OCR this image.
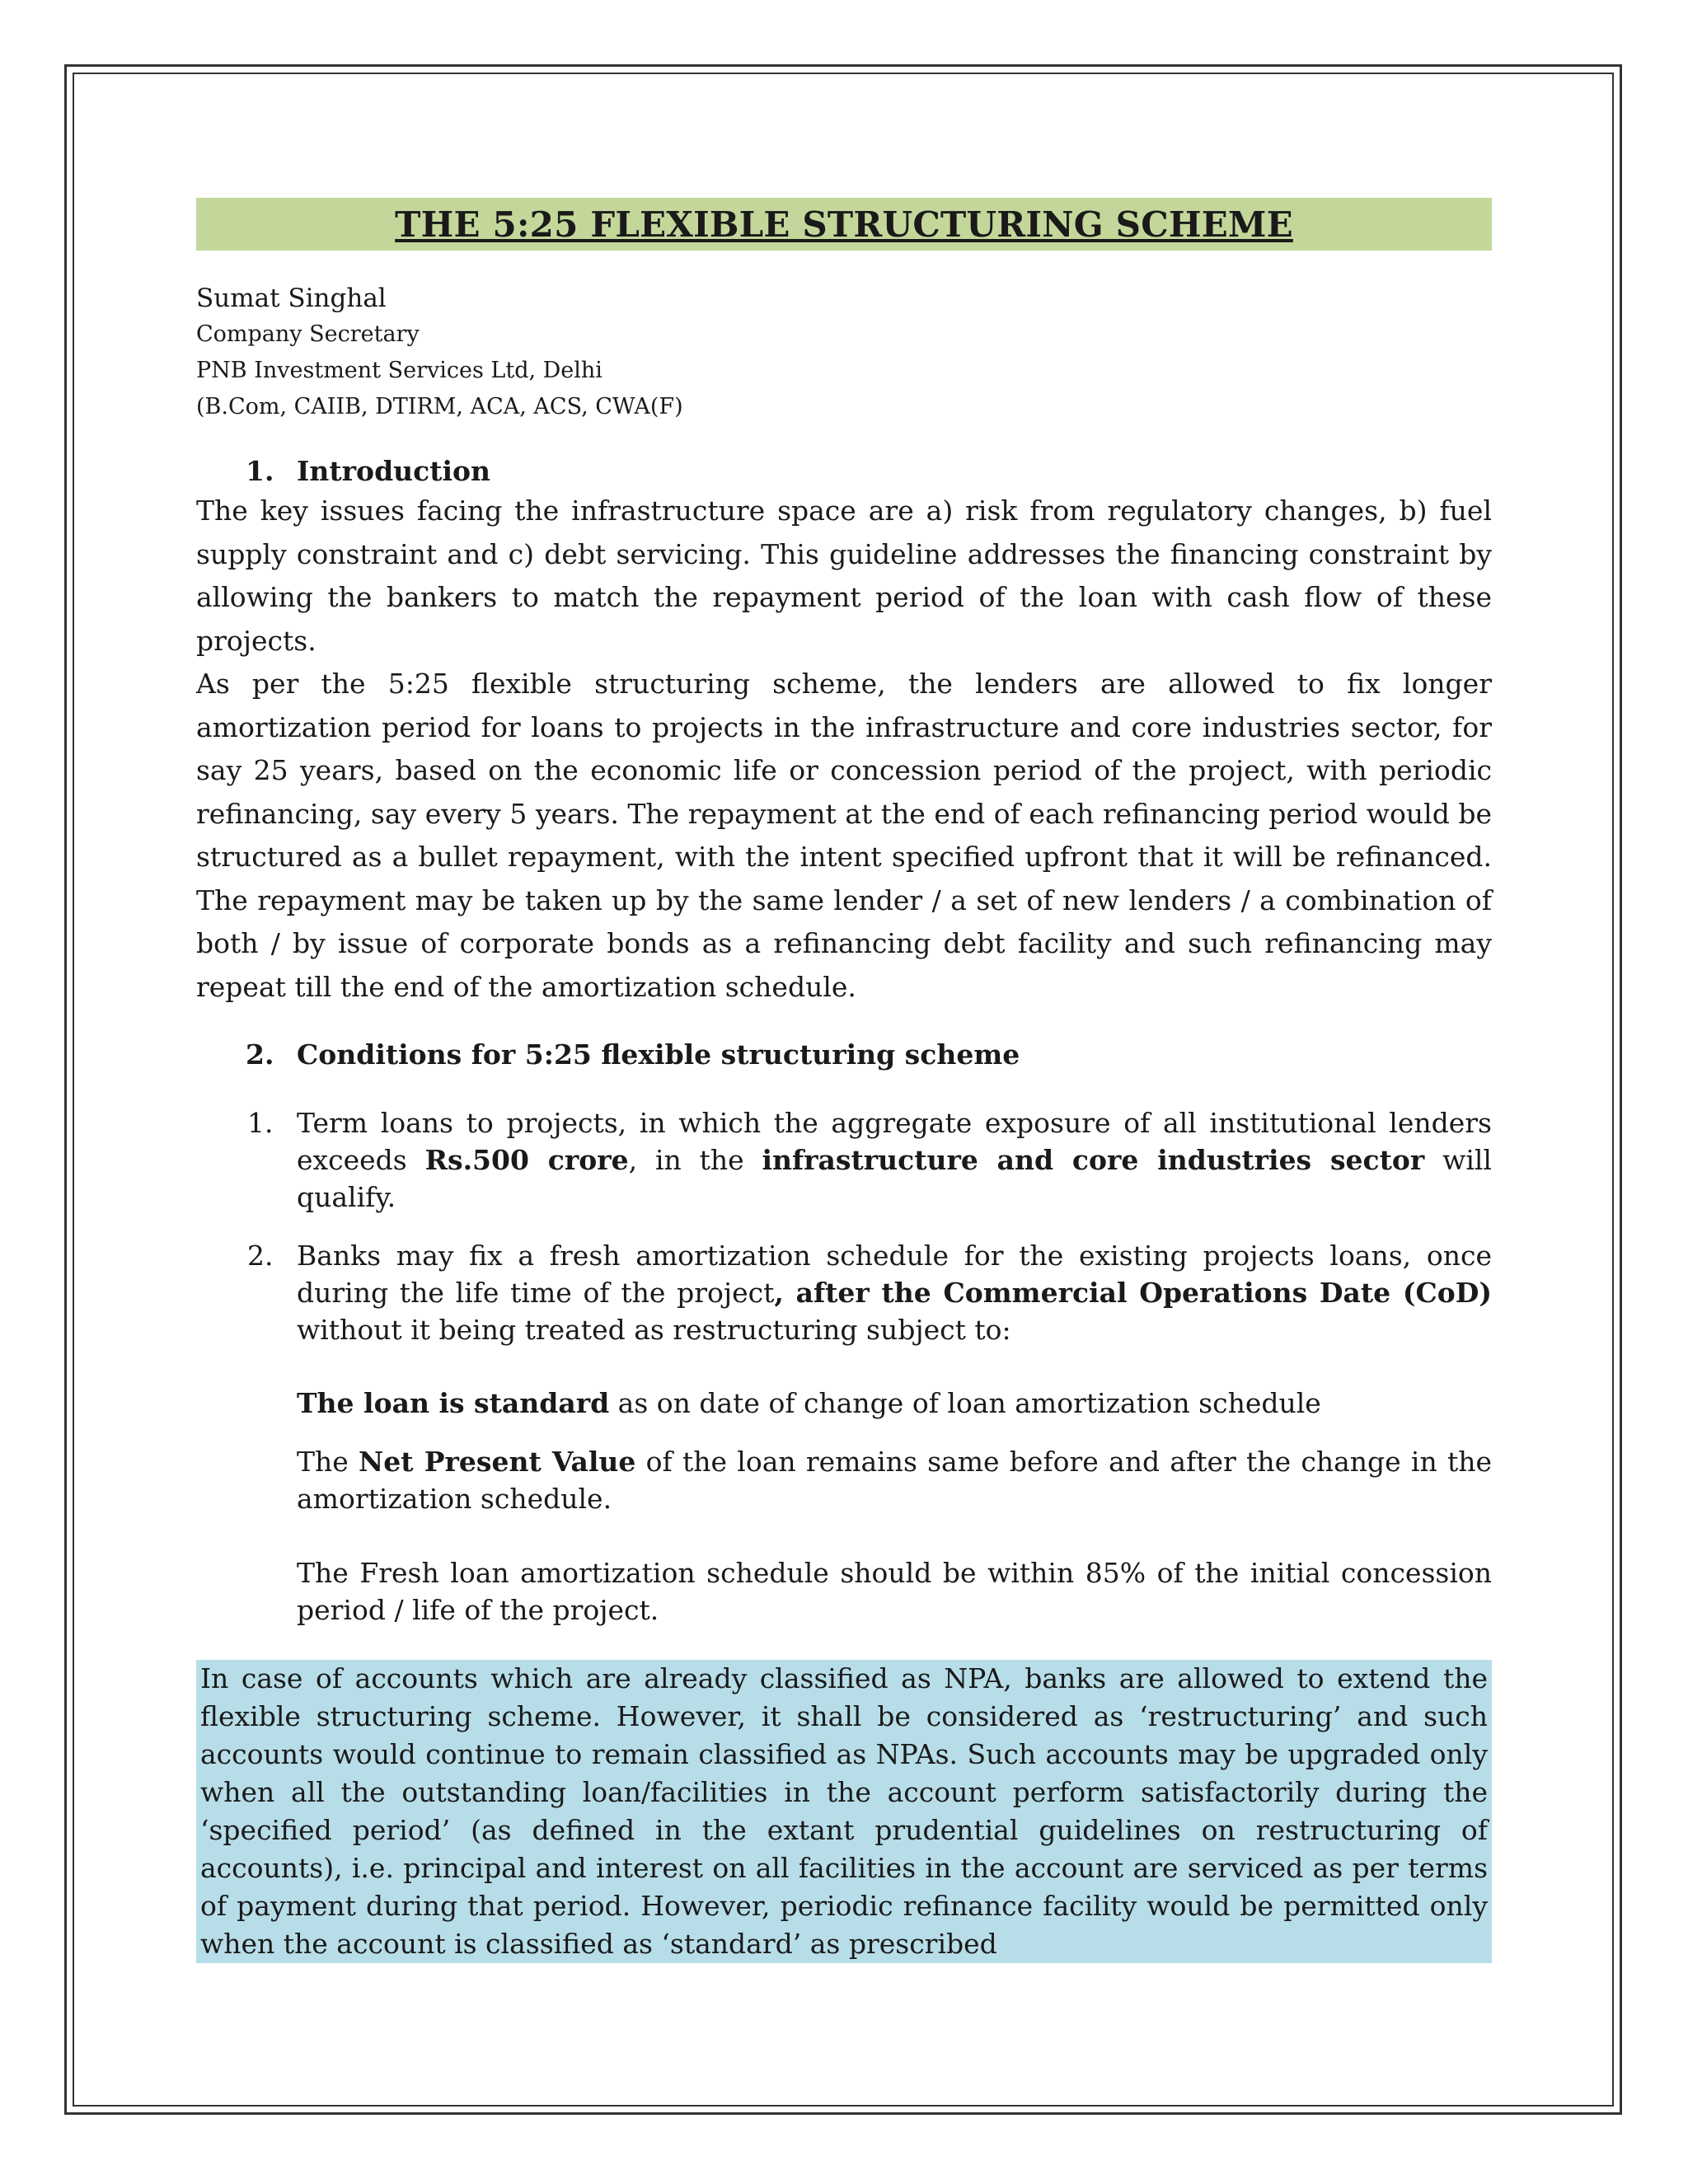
THE 5:25 FLEXIBLE STRUCTURING SCHEME
Sumat Singhal
Company Secretary
PNB Investment Services Ltd, Delhi
(B.Com, CAIIB, DTIRM, ACA, ACS, CWA(F)
1. Introduction

The key issues facing the infrastructure space are a) risk from regulatory changes, b) fuel supply constraint and c) debt servicing. This guideline addresses the financing constraint by allowing the bankers to match the repayment period of the loan with cash flow of these projects.

As per the 5:25 flexible structuring scheme, the lenders are allowed to fix longer amortization period for loans to projects in the infrastructure and core industries sector, for say 25 years, based on the economic life or concession period of the project, with periodic refinancing, say every 5 years. The repayment at the end of each refinancing period would be structured as a bullet repayment, with the intent specified upfront that it will be refinanced. The repayment may be taken up by the same lender / a set of new lenders / a combination of both / by issue of corporate bonds as a refinancing debt facility and such refinancing may repeat till the end of the amortization schedule.

2. Conditions for 5:25 flexible structuring scheme
1. Term loans to projects, in which the aggregate exposure of all institutional lenders exceeds Rs.500 crore, in the infrastructure and core industries sector will qualify.
2. Banks may fix a fresh amortization schedule for the existing projects loans, once during the life time of the project, after the Commercial Operations Date (CoD) without it being treated as restructuring subject to:
The loan is standard as on date of change of loan amortization schedule
The Net Present Value of the loan remains same before and after the change in the amortization schedule.
The Fresh loan amortization schedule should be within 85% of the initial concession period / life of the project.
In case of accounts which are already classified as NPA, banks are allowed to extend the flexible structuring scheme. However, it shall be considered as ‘restructuring’ and such accounts would continue to remain classified as NPAs. Such accounts may be upgraded only when all the outstanding loan/facilities in the account perform satisfactorily during the ‘specified period’ (as defined in the extant prudential guidelines on restructuring of accounts), i.e. principal and interest on all facilities in the account are serviced as per terms of payment during that period. However, periodic refinance facility would be permitted only when the account is classified as ‘standard’ as prescribed
